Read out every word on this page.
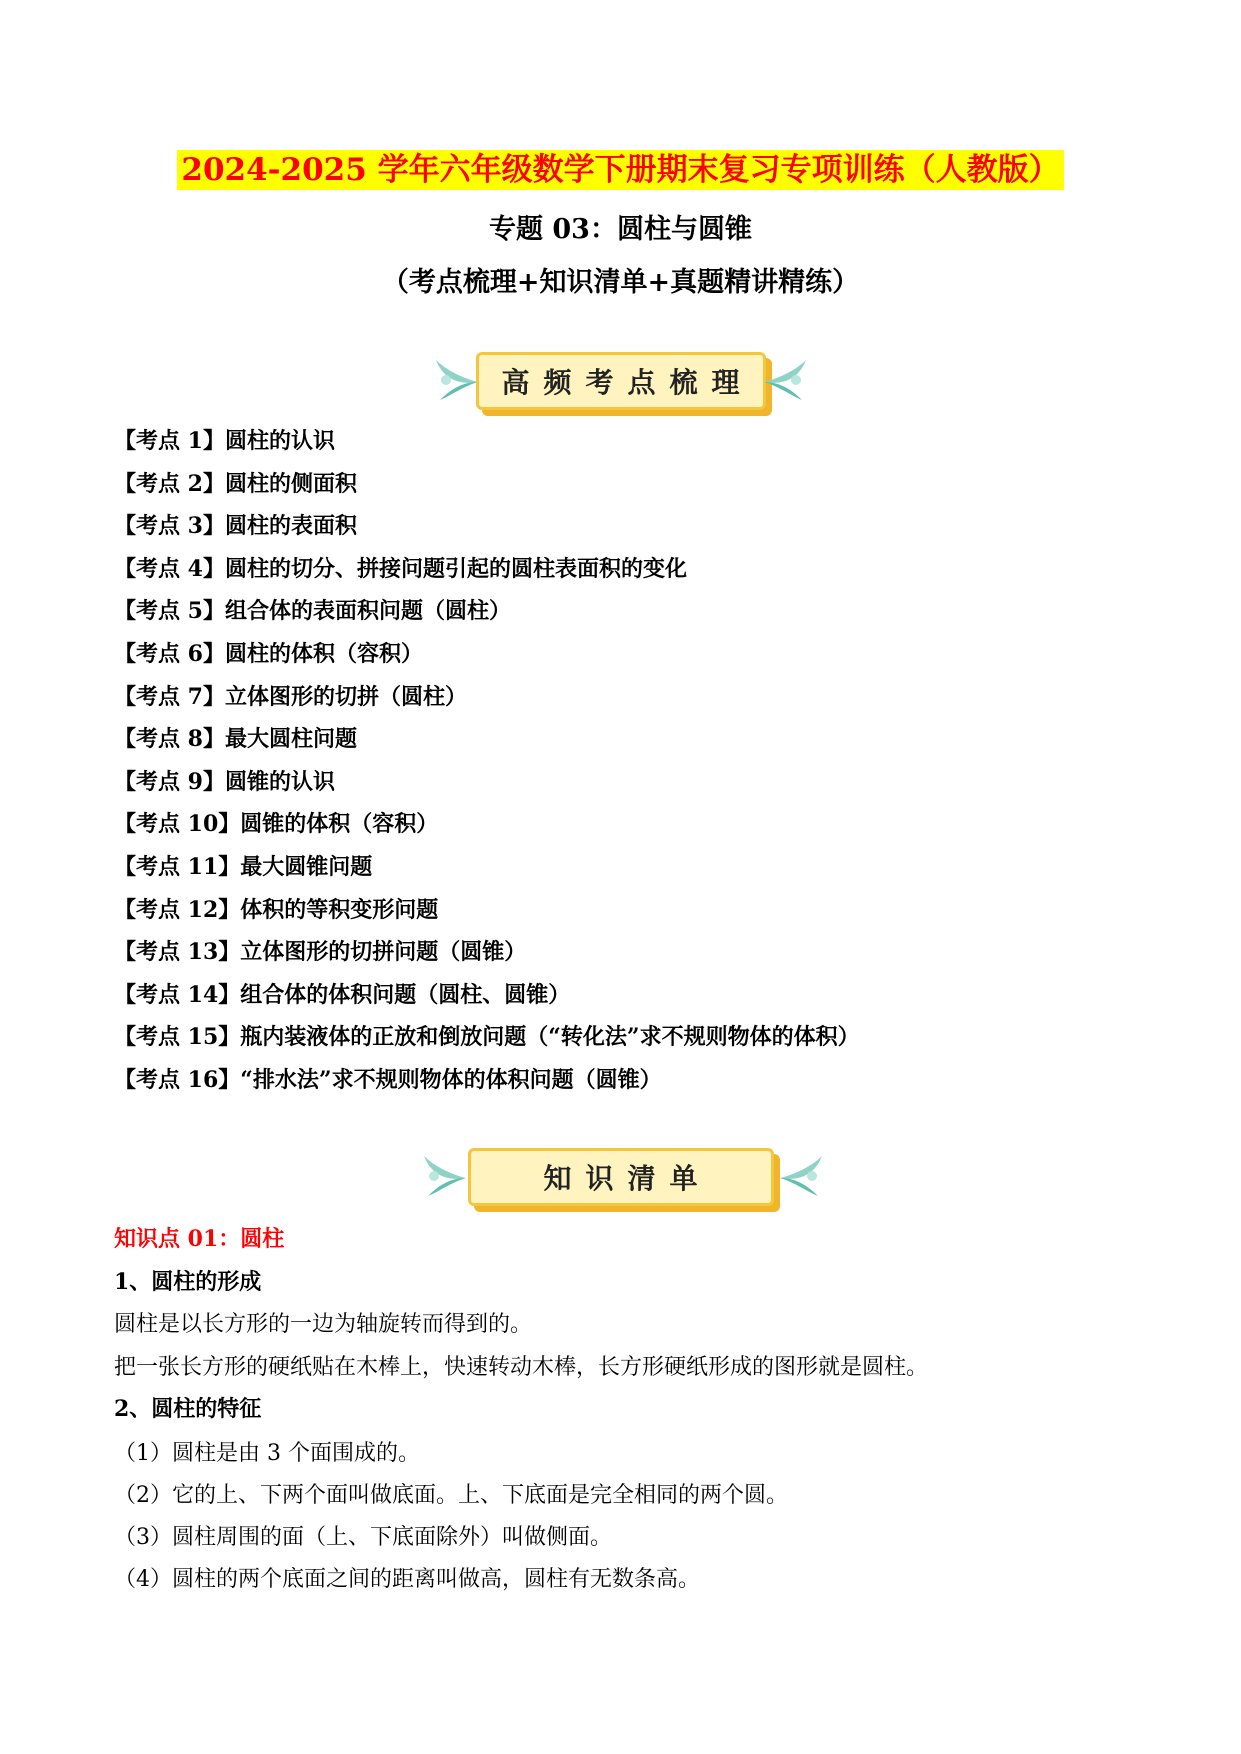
2024-2025 学年六年级数学下册期末复习专项训练（人教版）
专题 03：圆柱与圆锥
（考点梳理+知识清单+真题精讲精练）
高频考点梳理
【考点 1】圆柱的认识
【考点 2】圆柱的侧面积
【考点 3】圆柱的表面积
【考点 4】圆柱的切分、拼接问题引起的圆柱表面积的变化
【考点 5】组合体的表面积问题（圆柱）
【考点 6】圆柱的体积（容积）
【考点 7】立体图形的切拼（圆柱）
【考点 8】最大圆柱问题
【考点 9】圆锥的认识
【考点 10】圆锥的体积（容积）
【考点 11】最大圆锥问题
【考点 12】体积的等积变形问题
【考点 13】立体图形的切拼问题（圆锥）
【考点 14】组合体的体积问题（圆柱、圆锥）
【考点 15】瓶内装液体的正放和倒放问题（“转化法”求不规则物体的体积）
【考点 16】“排水法”求不规则物体的体积问题（圆锥）
知识清单
知识点 01：圆柱
1、圆柱的形成
圆柱是以长方形的一边为轴旋转而得到的。
把一张长方形的硬纸贴在木棒上，快速转动木棒，长方形硬纸形成的图形就是圆柱。
2、圆柱的特征
（1）圆柱是由 3 个面围成的。
（2）它的上、下两个面叫做底面。上、下底面是完全相同的两个圆。
（3）圆柱周围的面（上、下底面除外）叫做侧面。
（4）圆柱的两个底面之间的距离叫做高，圆柱有无数条高。
